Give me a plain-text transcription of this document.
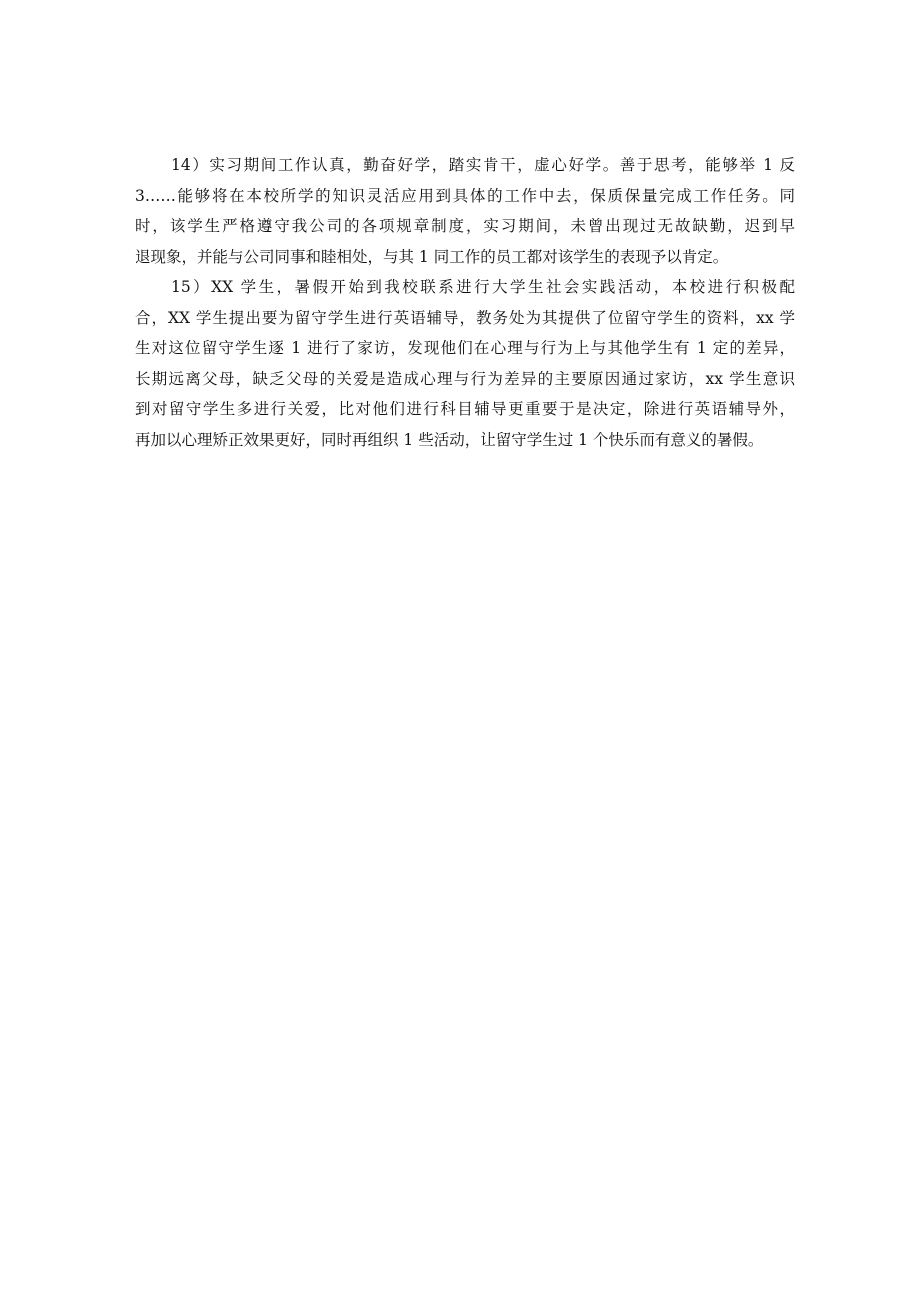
14）实习期间工作认真，勤奋好学，踏实肯干，虚心好学。善于思考，能够举 1 反
3……能够将在本校所学的知识灵活应用到具体的工作中去，保质保量完成工作任务。同
时，该学生严格遵守我公司的各项规章制度，实习期间，未曾出现过无故缺勤，迟到早
退现象，并能与公司同事和睦相处，与其 1 同工作的员工都对该学生的表现予以肯定。
15）XX 学生，暑假开始到我校联系进行大学生社会实践活动，本校进行积极配
合，XX 学生提出要为留守学生进行英语辅导，教务处为其提供了位留守学生的资料，xx 学
生对这位留守学生逐 1 进行了家访，发现他们在心理与行为上与其他学生有 1 定的差异，
长期远离父母，缺乏父母的关爱是造成心理与行为差异的主要原因通过家访，xx 学生意识
到对留守学生多进行关爱，比对他们进行科目辅导更重要于是决定，除进行英语辅导外，
再加以心理矫正效果更好，同时再组织 1 些活动，让留守学生过 1 个快乐而有意义的暑假。
